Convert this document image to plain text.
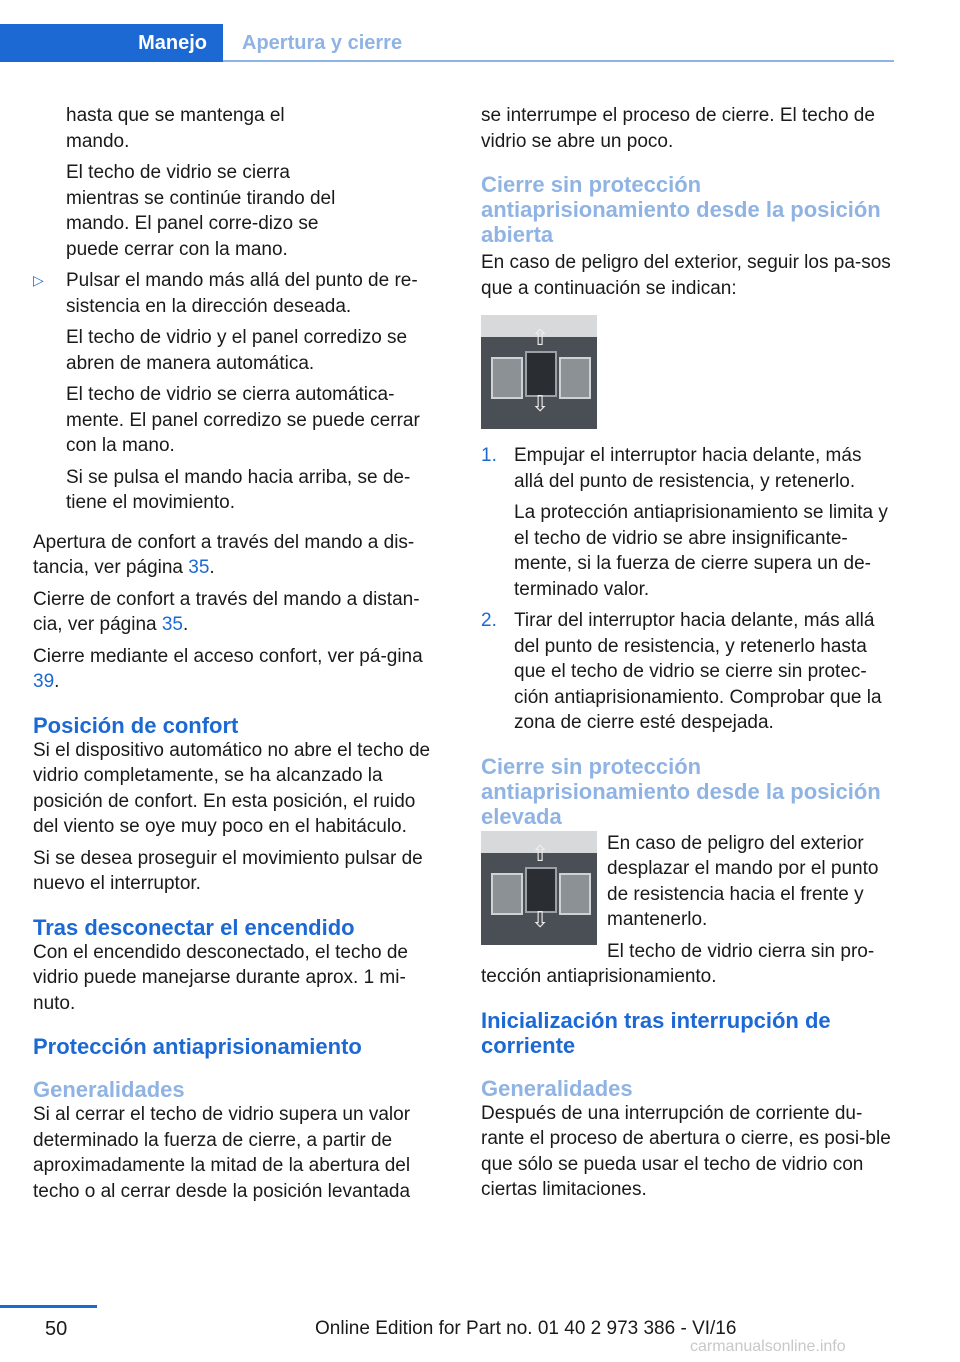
Manejo	Apertura y cierre

hasta que se mantenga el mando.

El techo de vidrio se cierra mientras se continúe tirando del mando. El panel corre‐dizo se puede cerrar con la mano.

▷ Pulsar el mando más allá del punto de re‐sistencia en la dirección deseada.

El techo de vidrio y el panel corredizo se abren de manera automática.

El techo de vidrio se cierra automática‐mente. El panel corredizo se puede cerrar con la mano.

Si se pulsa el mando hacia arriba, se de‐tiene el movimiento.

Apertura de confort a través del mando a dis‐tancia, ver página 35.

Cierre de confort a través del mando a distan‐cia, ver página 35.

Cierre mediante el acceso confort, ver pá‐gina 39.

Posición de confort

Si el dispositivo automático no abre el techo de vidrio completamente, se ha alcanzado la posición de confort. En esta posición, el ruido del viento se oye muy poco en el habitáculo.

Si se desea proseguir el movimiento pulsar de nuevo el interruptor.

Tras desconectar el encendido

Con el encendido desconectado, el techo de vidrio puede manejarse durante aprox. 1 mi‐nuto.

Protección antiaprisionamiento
Generalidades

Si al cerrar el techo de vidrio supera un valor determinado la fuerza de cierre, a partir de aproximadamente la mitad de la abertura del techo o al cerrar desde la posición levantada

se interrumpe el proceso de cierre. El techo de vidrio se abre un poco.

Cierre sin protección antiaprisionamiento desde la posición abierta

En caso de peligro del exterior, seguir los pa‐sos que a continuación se indican:

⇧
⇩
1. Empujar el interruptor hacia delante, más allá del punto de resistencia, y retenerlo.

La protección antiaprisionamiento se limita y el techo de vidrio se abre insignificante‐mente, si la fuerza de cierre supera un de‐terminado valor.

2. Tirar del interruptor hacia delante, más allá del punto de resistencia, y retenerlo hasta que el techo de vidrio se cierre sin protec‐ción antiaprisionamiento. Comprobar que la zona de cierre esté despejada.

Cierre sin protección antiaprisionamiento desde la posición elevada
⇧
⇩

En caso de peligro del exterior desplazar el mando por el punto de resistencia hacia el frente y mantenerlo.

El techo de vidrio cierra sin pro‐tección antiaprisionamiento.

Inicialización tras interrupción de corriente
Generalidades

Después de una interrupción de corriente du‐rante el proceso de abertura o cierre, es posi‐ble que sólo se pueda usar el techo de vidrio con ciertas limitaciones.

50	Online Edition for Part no. 01 40 2 973 386 - VI/16
carmanualsonline.info
